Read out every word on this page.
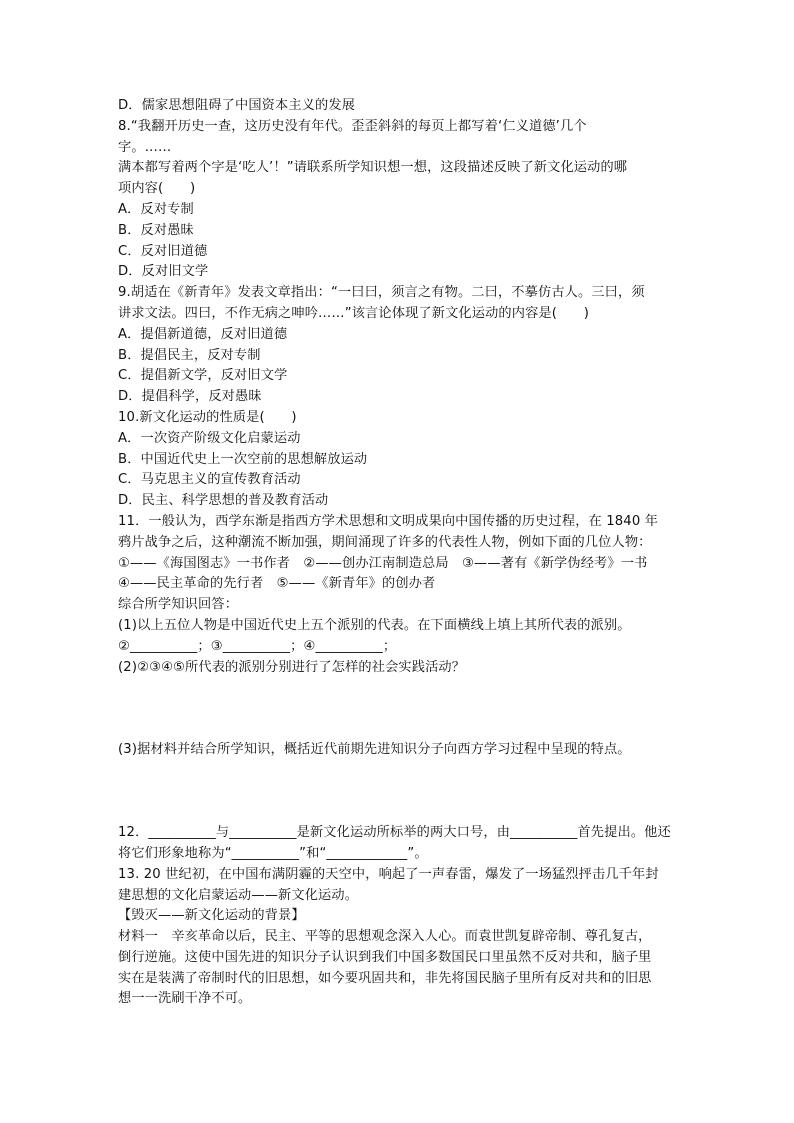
D．儒家思想阻碍了中国资本主义的发展
8.“我翻开历史一查，这历史没有年代。歪歪斜斜的每页上都写着‘仁义道德’几个
字。……
满本都写着两个字是‘吃人’！”请联系所学知识想一想，这段描述反映了新文化运动的哪
项内容(　　)
A．反对专制
B．反对愚昧
C．反对旧道德
D．反对旧文学
9.胡适在《新青年》发表文章指出：“一曰曰，须言之有物。二曰，不摹仿古人。三曰，须
讲求文法。四曰，不作无病之呻吟……”该言论体现了新文化运动的内容是(　　)
A．提倡新道德，反对旧道德
B．提倡民主，反对专制
C．提倡新文学，反对旧文学
D．提倡科学，反对愚昧
10.新文化运动的性质是(　　)
A．一次资产阶级文化启蒙运动
B．中国近代史上一次空前的思想解放运动
C．马克思主义的宣传教育活动
D．民主、科学思想的普及教育活动
11．一般认为，西学东渐是指西方学术思想和文明成果向中国传播的历史过程，在 1840 年
鸦片战争之后，这种潮流不断加强，期间涌现了许多的代表性人物，例如下面的几位人物：
①——《海国图志》一书作者　②——创办江南制造总局　③——著有《新学伪经考》一书
④——民主革命的先行者　⑤——《新青年》的创办者
综合所学知识回答：
(1)以上五位人物是中国近代史上五个派别的代表。在下面横线上填上其所代表的派别。
②__________；③__________；④__________；
(2)②③④⑤所代表的派别分别进行了怎样的社会实践活动？
(3)据材料并结合所学知识，概括近代前期先进知识分子向西方学习过程中呈现的特点。
12．__________与__________是新文化运动所标举的两大口号，由__________首先提出。他还
将它们形象地称为“__________”和“____________”。
13. 20 世纪初，在中国布满阴霾的天空中，响起了一声春雷，爆发了一场猛烈抨击几千年封
建思想的文化启蒙运动——新文化运动。
【毁灭——新文化运动的背景】
材料一　辛亥革命以后，民主、平等的思想观念深入人心。而袁世凯复辟帝制、尊孔复古，
倒行逆施。这使中国先进的知识分子认识到我们中国多数国民口里虽然不反对共和，脑子里
实在是装满了帝制时代的旧思想，如今要巩固共和，非先将国民脑子里所有反对共和的旧思
想一一洗刷干净不可。
